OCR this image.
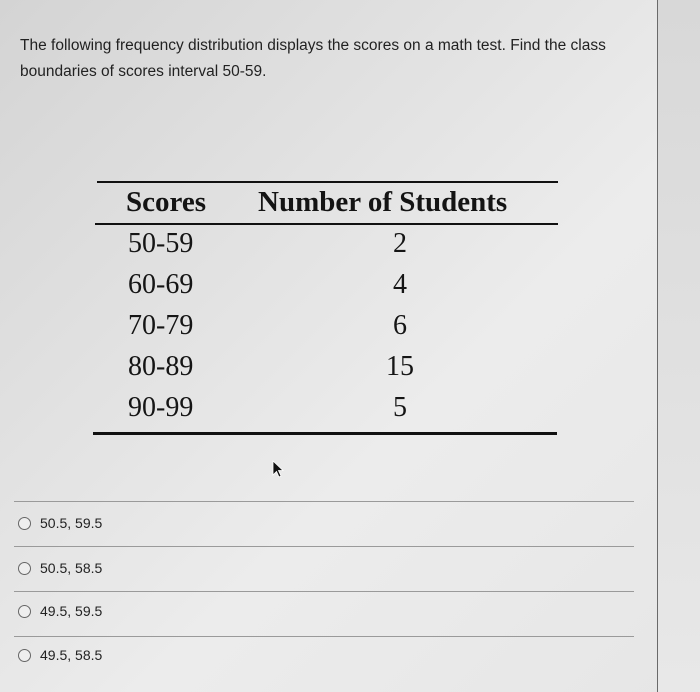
The following frequency distribution displays the scores on a math test. Find the class boundaries of scores interval 50-59.
Scores Number of Students
50-59	2
60-69	4
70-79	6
80-89	15
90-99	5
50.5, 59.5
50.5, 58.5
49.5, 59.5
49.5, 58.5
